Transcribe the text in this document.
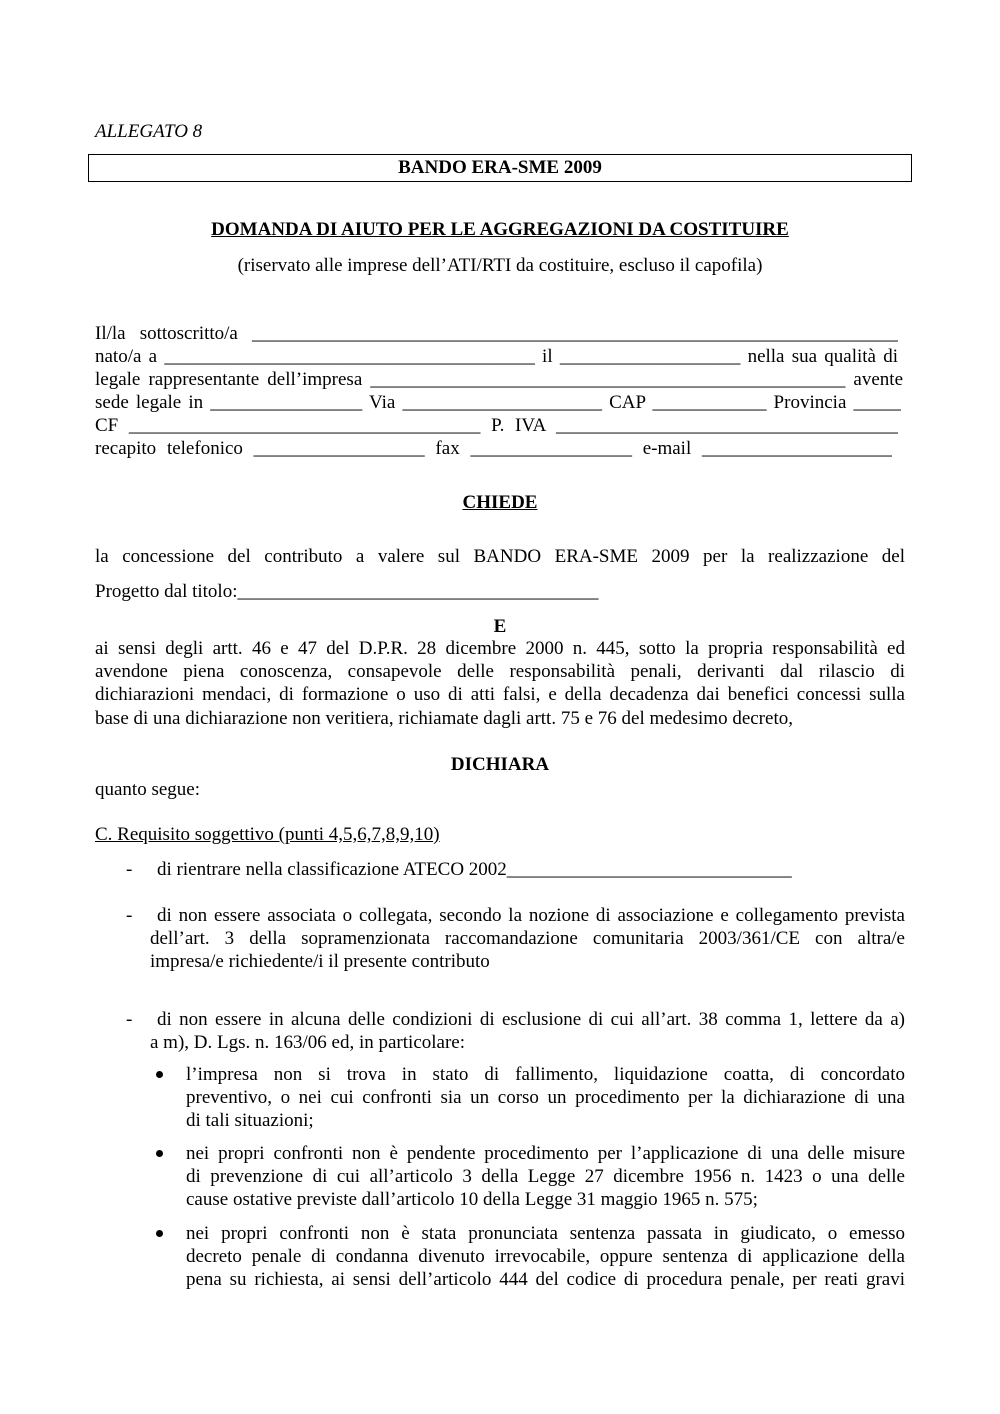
ALLEGATO 8
BANDO ERA-SME 2009
DOMANDA DI AIUTO PER LE AGGREGAZIONI DA COSTITUIRE
(riservato alle imprese dell’ATI/RTI da costituire, escluso il capofila)
Il/la sottoscritto/a ____________________________________________________________________
nato/a a _______________________________________ il ___________________ nella sua qualità di
legale rappresentante dell’impresa __________________________________________________ avente
sede legale in ________________ Via _____________________ CAP ____________ Provincia _____
CF _____________________________________ P. IVA ____________________________________
recapito telefonico __________________ fax _________________ e-mail ____________________
CHIEDE
la concessione del contributo a valere sul BANDO ERA-SME 2009 per la realizzazione del
Progetto dal titolo:______________________________________
E
ai sensi degli artt. 46 e 47 del D.P.R. 28 dicembre 2000 n. 445, sotto la propria responsabilità ed
avendone piena conoscenza, consapevole delle responsabilità penali, derivanti dal rilascio di
dichiarazioni mendaci, di formazione o uso di atti falsi, e della decadenza dai benefici concessi sulla
base di una dichiarazione non veritiera, richiamate dagli artt. 75 e 76 del medesimo decreto,
DICHIARA
quanto segue:
C. Requisito soggettivo (punti 4,5,6,7,8,9,10)
- di rientrare nella classificazione ATECO 2002______________________________
-	di non essere associata o collegata, secondo la nozione di associazione e collegamento prevista
dell’art. 3 della sopramenzionata raccomandazione comunitaria 2003/361/CE con altra/e
impresa/e richiedente/i il presente contributo
-	di non essere in alcuna delle condizioni di esclusione di cui all’art. 38 comma 1, lettere da a)
a m), D. Lgs. n. 163/06 ed, in particolare:
l’impresa non si trova in stato di fallimento, liquidazione coatta, di concordato
preventivo, o nei cui confronti sia un corso un procedimento per la dichiarazione di una
di tali situazioni;
nei propri confronti non è pendente procedimento per l’applicazione di una delle misure
di prevenzione di cui all’articolo 3 della Legge 27 dicembre 1956 n. 1423 o una delle
cause ostative previste dall’articolo 10 della Legge 31 maggio 1965 n. 575;
nei propri confronti non è stata pronunciata sentenza passata in giudicato, o emesso
decreto penale di condanna divenuto irrevocabile, oppure sentenza di applicazione della
pena su richiesta, ai sensi dell’articolo 444 del codice di procedura penale, per reati gravi
